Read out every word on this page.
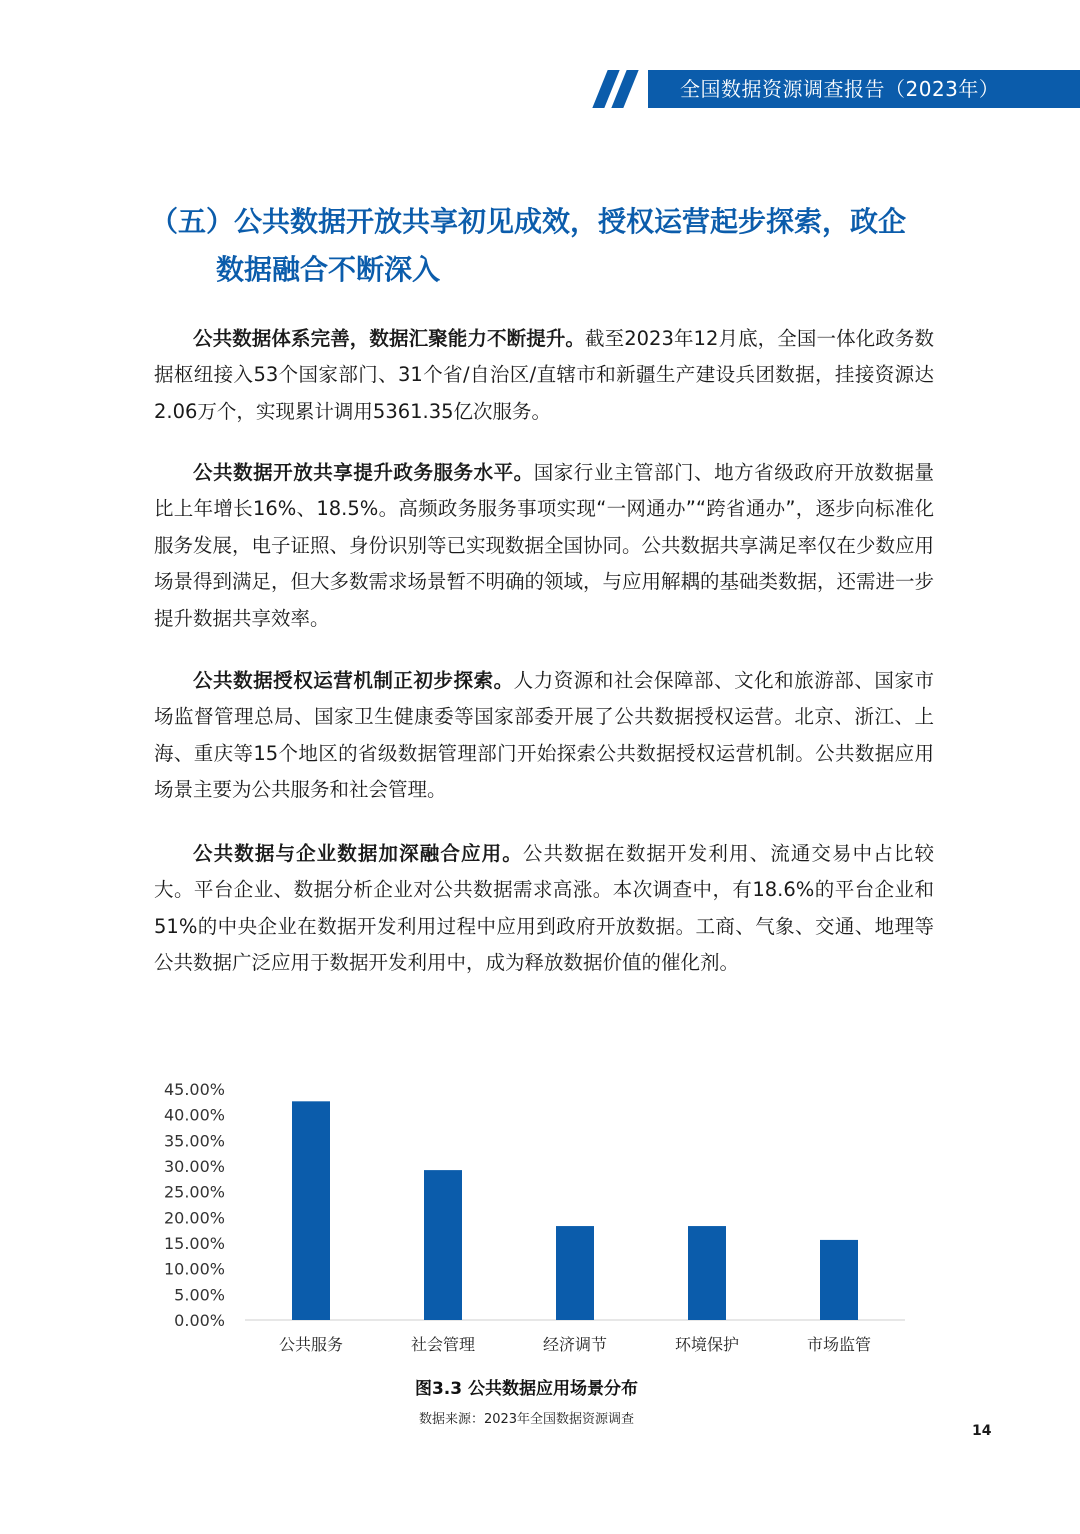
全国数据资源调查报告（2023年）
（五）公共数据开放共享初见成效，授权运营起步探索，政企
数据融合不断深入

公共数据体系完善，数据汇聚能力不断提升。截至2023年12月底，全国一体化政务数据枢纽接入53个国家部门、31个省/自治区/直辖市和新疆生产建设兵团数据，挂接资源达2.06万个，实现累计调用5361.35亿次服务。

公共数据开放共享提升政务服务水平。国家行业主管部门、地方省级政府开放数据量比上年增长16%、18.5%。高频政务服务事项实现“一网通办”“跨省通办”，逐步向标准化服务发展，电子证照、身份识别等已实现数据全国协同。公共数据共享满足率仅在少数应用场景得到满足，但大多数需求场景暂不明确的领域，与应用解耦的基础类数据，还需进一步提升数据共享效率。

公共数据授权运营机制正初步探索。人力资源和社会保障部、文化和旅游部、国家市场监督管理总局、国家卫生健康委等国家部委开展了公共数据授权运营。北京、浙江、上海、重庆等15个地区的省级数据管理部门开始探索公共数据授权运营机制。公共数据应用场景主要为公共服务和社会管理。

公共数据与企业数据加深融合应用。公共数据在数据开发利用、流通交易中占比较大。平台企业、数据分析企业对公共数据需求高涨。本次调查中，有18.6%的平台企业和51%的中央企业在数据开发利用过程中应用到政府开放数据。工商、气象、交通、地理等公共数据广泛应用于数据开发利用中，成为释放数据价值的催化剂。

0.00%
5.00%
10.00%
15.00%
20.00%
25.00%
30.00%
35.00%
40.00%
45.00%
公共服务	社会管理	经济调节	环境保护	市场监管
图3.3 公共数据应用场景分布
数据来源：2023年全国数据资源调查
14
